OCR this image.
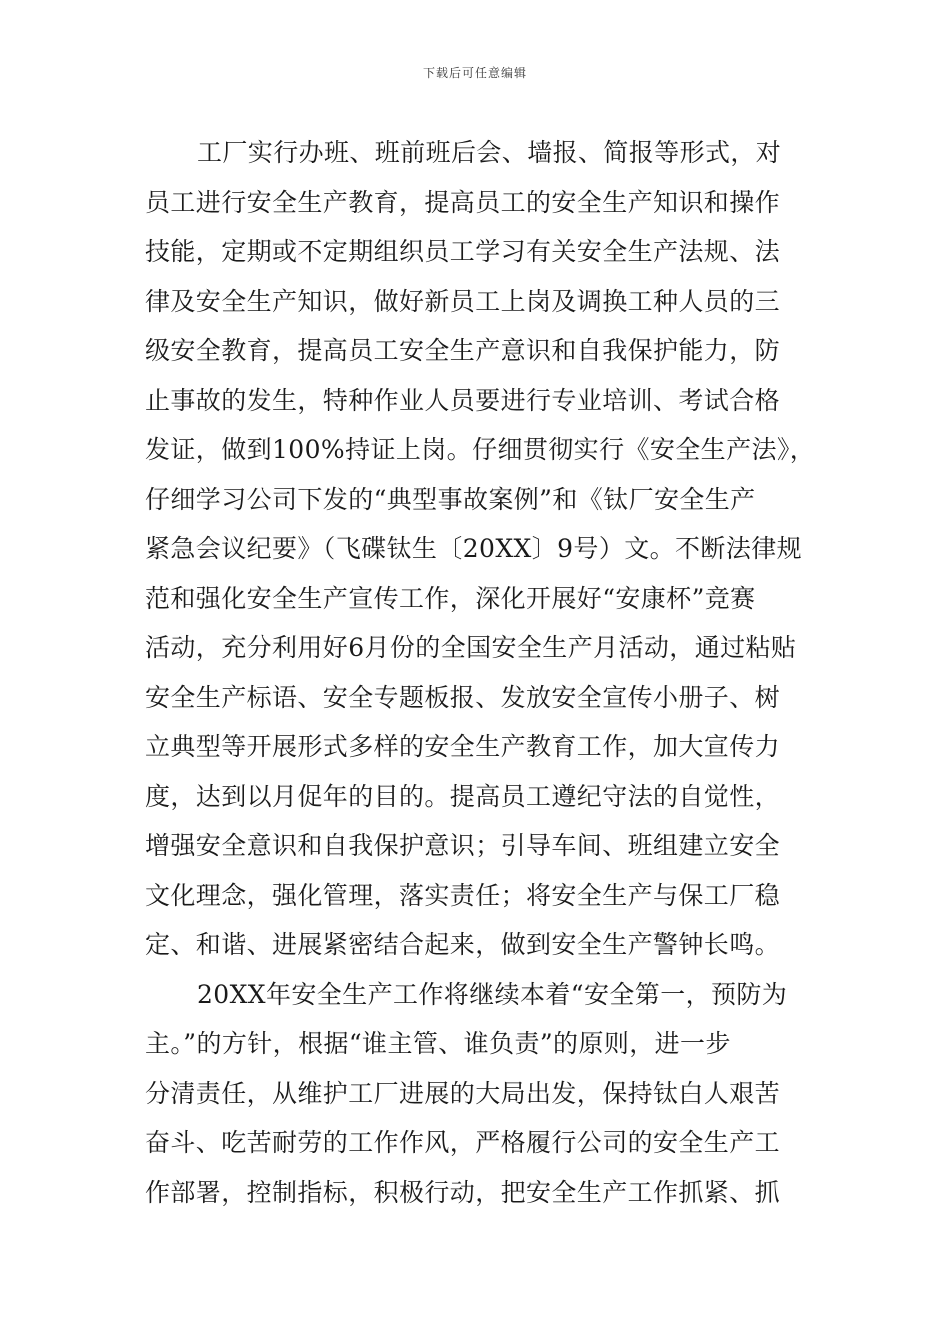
下载后可任意编辑
工厂实行办班、班前班后会、墙报、简报等形式，对
员工进行安全生产教育，提高员工的安全生产知识和操作
技能，定期或不定期组织员工学习有关安全生产法规、法
律及安全生产知识，做好新员工上岗及调换工种人员的三
级安全教育，提高员工安全生产意识和自我保护能力，防
止事故的发生，特种作业人员要进行专业培训、考试合格
发证，做到100%持证上岗。仔细贯彻实行《安全生产法》，
仔细学习公司下发的“典型事故案例”和《钛厂安全生产
紧急会议纪要》（飞碟钛生〔20XX〕9号）文。不断法律规
范和强化安全生产宣传工作，深化开展好“安康杯”竞赛
活动，充分利用好6月份的全国安全生产月活动，通过粘贴
安全生产标语、安全专题板报、发放安全宣传小册子、树
立典型等开展形式多样的安全生产教育工作，加大宣传力
度，达到以月促年的目的。提高员工遵纪守法的自觉性，
增强安全意识和自我保护意识；引导车间、班组建立安全
文化理念，强化管理，落实责任；将安全生产与保工厂稳
定、和谐、进展紧密结合起来，做到安全生产警钟长鸣。
20XX年安全生产工作将继续本着“安全第一，预防为
主。”的方针，根据“谁主管、谁负责”的原则，进一步
分清责任，从维护工厂进展的大局出发，保持钛白人艰苦
奋斗、吃苦耐劳的工作作风，严格履行公司的安全生产工
作部署，控制指标，积极行动，把安全生产工作抓紧、抓
